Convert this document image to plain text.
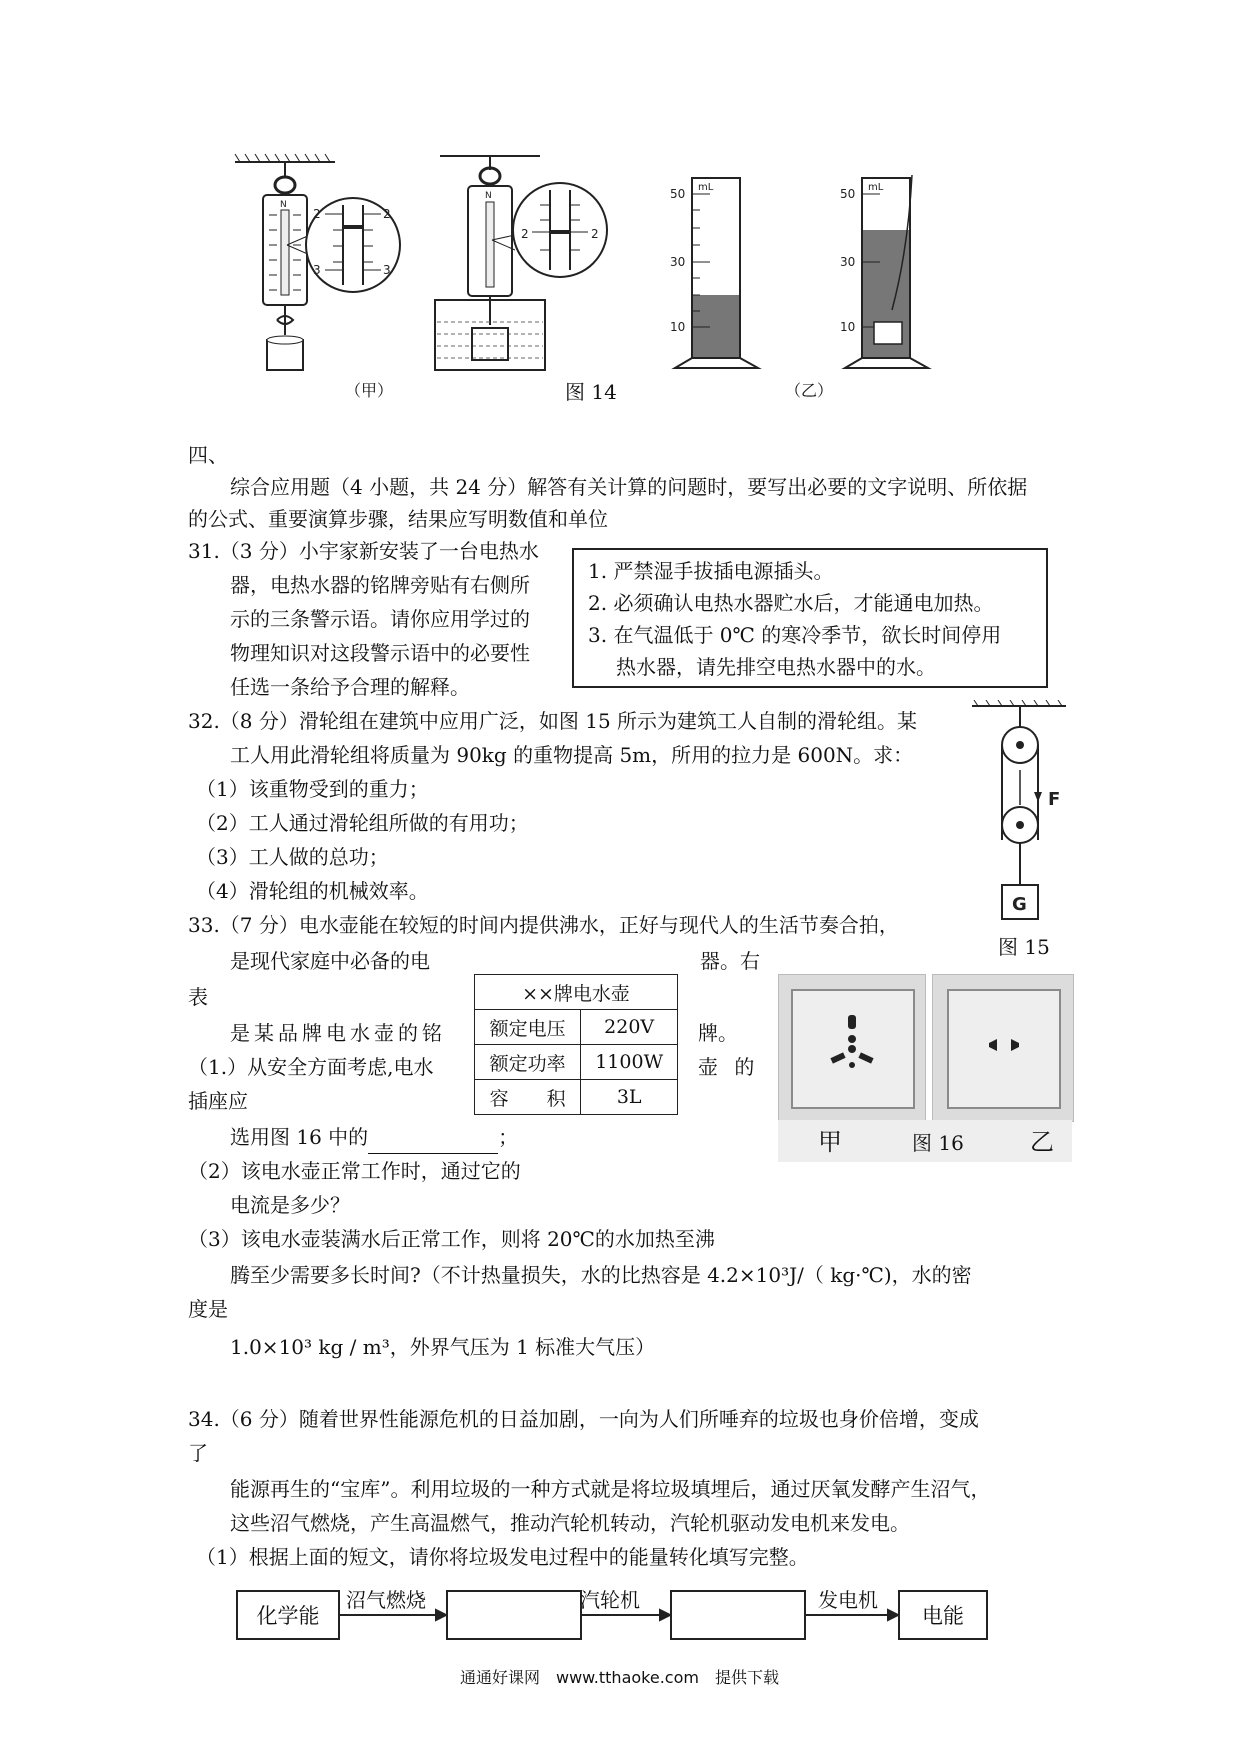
N
2	2
3	3
N
2	2
mL
50
30
10
mL
50
30
10
（甲）	图 14	（乙）
四、
综合应用题（4 小题，共 24 分）解答有关计算的问题时，要写出必要的文字说明、所依据
的公式、重要演算步骤，结果应写明数值和单位
31.（3 分）小宇家新安装了一台电热水
器，电热水器的铭牌旁贴有右侧所
示的三条警示语。请你应用学过的
物理知识对这段警示语中的必要性
任选一条给予合理的解释。
1. 严禁湿手拔插电源插头。
2. 必须确认电热水器贮水后，才能通电加热。
3. 在气温低于 0℃ 的寒冷季节，欲长时间停用
热水器，请先排空电热水器中的水。
32.（8 分）滑轮组在建筑中应用广泛，如图 15 所示为建筑工人自制的滑轮组。某
工人用此滑轮组将质量为 90kg 的重物提高 5m，所用的拉力是 600N。求：
（1）该重物受到的重力；
（2）工人通过滑轮组所做的有用功；
（3）工人做的总功；
（4）滑轮组的机械效率。
F
G
图 15
33.（7 分）电水壶能在较短的时间内提供沸水，正好与现代人的生活节奏合拍，
是现代家庭中必备的电	器。右
表
是某品牌电水壶的铭	牌。
（1.）从安全方面考虑,电水	壶 的
插座应
选用图 16 中的	；
（2）该电水壶正常工作时，通过它的
电流是多少？
（3）该电水壶装满水后正常工作，则将 20℃的水加热至沸
腾至少需要多长时间?（不计热量损失，水的比热容是 4.2×10³J/（ kg·℃)，水的密
度是
1.0×10³ kg / m³，外界气压为 1 标准大气压）
××牌电水壶	
额定电压	220V
额定功率	1100W
容　　积	3L
甲	图 16	乙
34.（6 分）随着世界性能源危机的日益加剧，一向为人们所唾弃的垃圾也身价倍增，变成
了
能源再生的“宝库”。利用垃圾的一种方式就是将垃圾填埋后，通过厌氧发酵产生沼气，
这些沼气燃烧，产生高温燃气，推动汽轮机转动，汽轮机驱动发电机来发电。
（1）根据上面的短文，请你将垃圾发电过程中的能量转化填写完整。
化学能	电能
沼气燃烧	汽轮机	发电机
通通好课网　www.tthaoke.com　提供下载
